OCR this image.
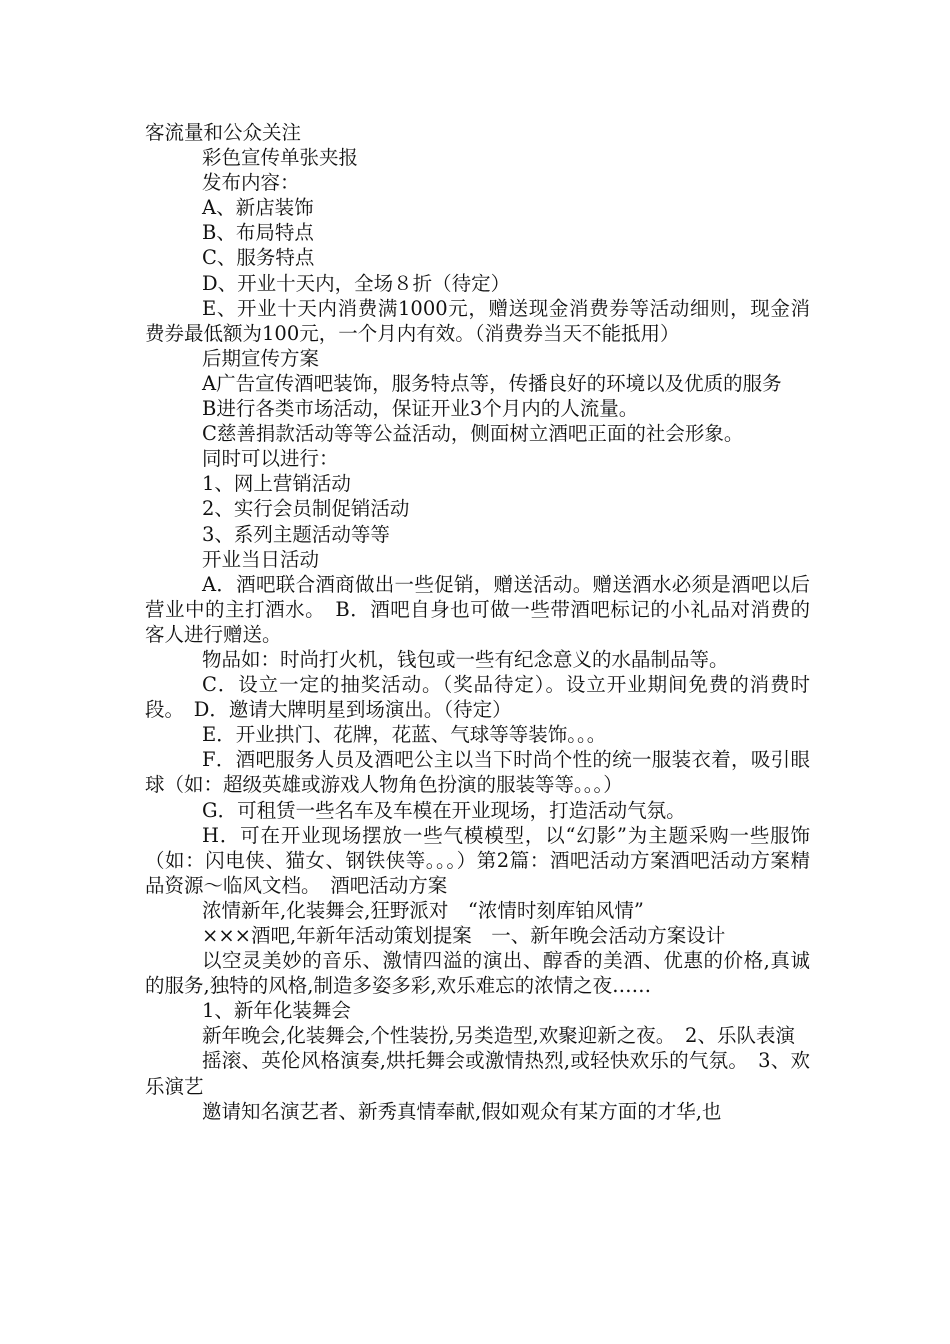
客流量和公众关注

彩色宣传单张夹报

发布内容：

A、新店装饰

B、布局特点

C、服务特点

D、开业十天内，全场８折（待定）

E、开业十天内消费满1000元，赠送现金消费券等活动细则，现金消费券最低额为100元，一个月内有效。（消费券当天不能抵用）

后期宣传方案

A广告宣传酒吧装饰，服务特点等，传播良好的环境以及优质的服务

B进行各类市场活动，保证开业3个月内的人流量。

C慈善捐款活动等等公益活动，侧面树立酒吧正面的社会形象。

同时可以进行：

1、网上营销活动

2、实行会员制促销活动

3、系列主题活动等等

开业当日活动

A．酒吧联合酒商做出一些促销，赠送活动。赠送酒水必须是酒吧以后营业中的主打酒水。　B．酒吧自身也可做一些带酒吧标记的小礼品对消费的客人进行赠送。

物品如：时尚打火机，钱包或一些有纪念意义的水晶制品等。

C．设立一定的抽奖活动。（奖品待定）。设立开业期间免费的消费时段。　D．邀请大牌明星到场演出。（待定）

E．开业拱门、花牌，花蓝、气球等等装饰。。。

F．酒吧服务人员及酒吧公主以当下时尚个性的统一服装衣着，吸引眼球（如：超级英雄或游戏人物角色扮演的服装等等。。。）

G．可租赁一些名车及车模在开业现场，打造活动气氛。

H．可在开业现场摆放一些气模模型，以“幻影”为主题采购一些服饰（如：闪电侠、猫女、钢铁侠等。。。）第2篇：酒吧活动方案酒吧活动方案精品资源～临风文档。　酒吧活动方案

浓情新年,化装舞会,狂野派对　“浓情时刻库铂风情”

×××酒吧,年新年活动策划提案　一、新年晚会活动方案设计

以空灵美妙的音乐、激情四溢的演出、醇香的美酒、优惠的价格,真诚的服务,独特的风格,制造多姿多彩,欢乐难忘的浓情之夜……

1、新年化装舞会

新年晚会,化装舞会,个性装扮,另类造型,欢聚迎新之夜。　2、乐队表演

摇滚、英伦风格演奏,烘托舞会或激情热烈,或轻快欢乐的气氛。　3、欢乐演艺

邀请知名演艺者、新秀真情奉献,假如观众有某方面的才华,也
